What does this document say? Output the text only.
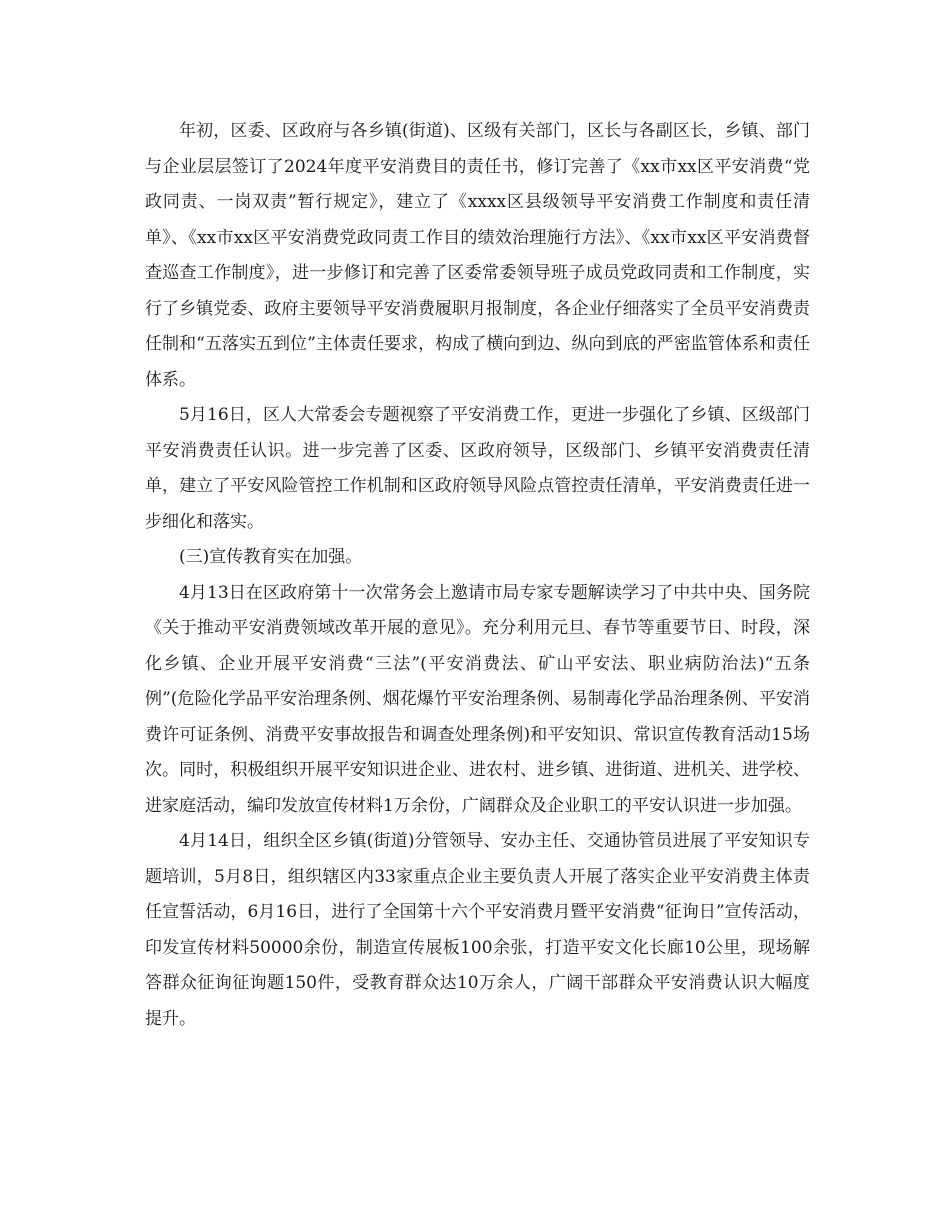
年初，区委、区政府与各乡镇(街道)、区级有关部门，区长与各副区长，乡镇、部门与企业层层签订了2024年度平安消费目的责任书，修订完善了《xx市xx区平安消费“党政同责、一岗双责”暂行规定》，建立了《xxxx区县级领导平安消费工作制度和责任清单》、《xx市xx区平安消费党政同责工作目的绩效治理施行方法》、《xx市xx区平安消费督查巡查工作制度》，进一步修订和完善了区委常委领导班子成员党政同责和工作制度，实行了乡镇党委、政府主要领导平安消费履职月报制度，各企业仔细落实了全员平安消费责任制和“五落实五到位”主体责任要求，构成了横向到边、纵向到底的严密监管体系和责任体系。

5月16日，区人大常委会专题视察了平安消费工作，更进一步强化了乡镇、区级部门平安消费责任认识。进一步完善了区委、区政府领导，区级部门、乡镇平安消费责任清单，建立了平安风险管控工作机制和区政府领导风险点管控责任清单，平安消费责任进一步细化和落实。

(三)宣传教育实在加强。

4月13日在区政府第十一次常务会上邀请市局专家专题解读学习了中共中央、国务院《关于推动平安消费领域改革开展的意见》。充分利用元旦、春节等重要节日、时段，深化乡镇、企业开展平安消费“三法”(平安消费法、矿山平安法、职业病防治法)“五条例”(危险化学品平安治理条例、烟花爆竹平安治理条例、易制毒化学品治理条例、平安消费许可证条例、消费平安事故报告和调查处理条例)和平安知识、常识宣传教育活动15场次。同时，积极组织开展平安知识进企业、进农村、进乡镇、进街道、进机关、进学校、进家庭活动，编印发放宣传材料1万余份，广阔群众及企业职工的平安认识进一步加强。

4月14日，组织全区乡镇(街道)分管领导、安办主任、交通协管员进展了平安知识专题培训，5月8日，组织辖区内33家重点企业主要负责人开展了落实企业平安消费主体责任宣誓活动，6月16日，进行了全国第十六个平安消费月暨平安消费“征询日”宣传活动，印发宣传材料50000余份，制造宣传展板100余张，打造平安文化长廊10公里，现场解答群众征询征询题150件，受教育群众达10万余人，广阔干部群众平安消费认识大幅度提升。
